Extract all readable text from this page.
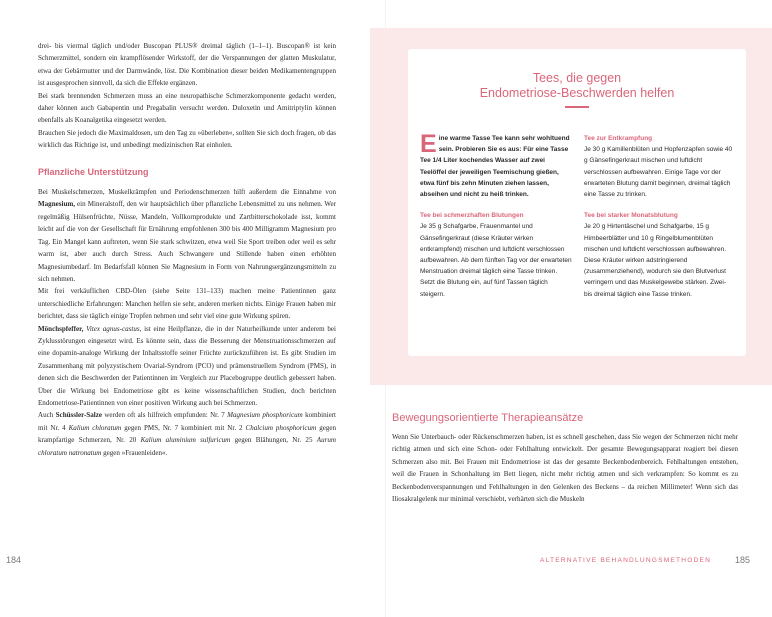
drei- bis viermal täglich und/oder Buscopan PLUS® dreimal täglich (1–1–1). Buscopan® ist kein Schmerzmittel, sondern ein krampflösender Wirkstoff, der die Verspannungen der glatten Muskulatur, etwa der Gebärmutter und der Darmwände, löst. Die Kombination dieser beiden Medikamentengruppen ist ausgesprochen sinnvoll, da sich die Effekte ergänzen.

Bei stark brennenden Schmerzen muss an eine neuropathische Schmerzkomponente gedacht werden, daher können auch Gabapentin und Pregabalin versucht werden. Duloxetin und Amitriptylin können ebenfalls als Koanalgetika eingesetzt werden.

Brauchen Sie jedoch die Maximaldosen, um den Tag zu »überleben«, sollten Sie sich doch fragen, ob das wirklich das Richtige ist, und unbedingt medizinischen Rat einholen.

Pflanzliche Unterstützung

Bei Muskelschmerzen, Muskelkrämpfen und Periodenschmerzen hilft außerdem die Einnahme von Magnesium, ein Mineralstoff, den wir hauptsächlich über pflanzliche Lebensmittel zu uns nehmen. Wer regelmäßig Hülsenfrüchte, Nüsse, Mandeln, Vollkornprodukte und Zartbitterschokolade isst, kommt leicht auf die von der Gesellschaft für Ernährung empfohlenen 300 bis 400 Milligramm Magnesium pro Tag. Ein Mangel kann auftreten, wenn Sie stark schwitzen, etwa weil Sie Sport treiben oder weil es sehr warm ist, aber auch durch Stress. Auch Schwangere und Stillende haben einen erhöhten Magnesiumbedarf. Im Bedarfsfall können Sie Magnesium in Form von Nahrungsergänzungsmitteln zu sich nehmen.

Mit frei verkäuflichen CBD-Ölen (siehe Seite 131–133) machen meine Patientinnen ganz unterschiedliche Erfahrungen: Manchen helfen sie sehr, anderen merken nichts. Einige Frauen haben mir berichtet, dass sie täglich einige Tropfen nehmen und sehr viel eine gute Wirkung spüren.

Mönchspfeffer, Vitex agnus-castus, ist eine Heilpflanze, die in der Naturheilkunde unter anderem bei Zyklusstörungen eingesetzt wird. Es könnte sein, dass die Besserung der Menstruationsschmerzen auf eine dopamin-analoge Wirkung der Inhaltsstoffe seiner Früchte zurückzuführen ist. Es gibt Studien im Zusammenhang mit polyzystischem Ovarial-Syndrom (PCO) und prämenstruellem Syndrom (PMS), in denen sich die Beschwerden der Patientinnen im Vergleich zur Placebogruppe deutlich gebessert haben. Über die Wirkung bei Endometriose gibt es keine wissenschaftlichen Studien, doch berichten Endometriose-Patientinnen von einer positiven Wirkung auch bei Schmerzen.

Auch Schüssler-Salze werden oft als hilfreich empfunden: Nr. 7 Magnesium phosphoricum kombiniert mit Nr. 4 Kalium chloratum gegen PMS, Nr. 7 kombiniert mit Nr. 2 Chalcium phosphoricum gegen krampfartige Schmerzen, Nr. 20 Kalium aluminium sulfuricum gegen Blähungen, Nr. 25 Aurum chloratum natronatum gegen »Frauenleiden«.

Tees, die gegen
Endometriose-Beschwerden helfen
Eine warme Tasse Tee kann sehr wohltuend sein. Probieren Sie es aus: Für eine Tasse Tee 1/4 Liter kochendes Wasser auf zwei Teelöffel der jeweiligen Teemischung gießen, etwa fünf bis zehn Minuten ziehen lassen, abseihen und nicht zu heiß trinken.
Tee bei schmerzhaften Blutungen
Je 35 g Schafgarbe, Frauenmantel und Gänsefingerkraut (diese Kräuter wirken entkrampfend) mischen und luftdicht verschlossen aufbewahren. Ab dem fünften Tag vor der erwarteten Menstruation dreimal täglich eine Tasse trinken. Setzt die Blutung ein, auf fünf Tassen täglich steigern.
Tee zur Entkrampfung
Je 30 g Kamillenblüten und Hopfenzapfen sowie 40 g Gänsefingerkraut mischen und luftdicht verschlossen aufbewahren. Einige Tage vor der erwarteten Blutung damit beginnen, dreimal täglich eine Tasse zu trinken.
Tee bei starker Monatsblutung
Je 20 g Hirtentäschel und Schafgarbe, 15 g Himbeerblätter und 10 g Ringelblumenblüten mischen und luftdicht verschlossen aufbewahren. Diese Kräuter wirken adstringierend (zusammenziehend), wodurch sie den Blutverlust verringern und das Muskelgewebe stärken. Zwei- bis dreimal täglich eine Tasse trinken.
Bewegungsorientierte Therapieansätze

Wenn Sie Unterbauch- oder Rückenschmerzen haben, ist es schnell geschehen, dass Sie wegen der Schmerzen nicht mehr richtig atmen und sich eine Schon- oder Fehlhaltung entwickelt. Der gesamte Bewegungsapparat reagiert bei diesen Schmerzen also mit. Bei Frauen mit Endometriose ist das der gesamte Beckenbodenbereich. Fehlhaltungen entstehen, weil die Frauen in Schonhaltung im Bett liegen, nicht mehr richtig atmen und sich verkrampfen: So kommt es zu Beckenbodenverspannungen und Fehlhaltungen in den Gelenken des Beckens – da reichen Millimeter! Wenn sich das Iliosakralgelenk nur minimal verschiebt, verhärten sich die Muskeln

184	ALTERNATIVE BEHANDLUNGSMETHODEN	185
